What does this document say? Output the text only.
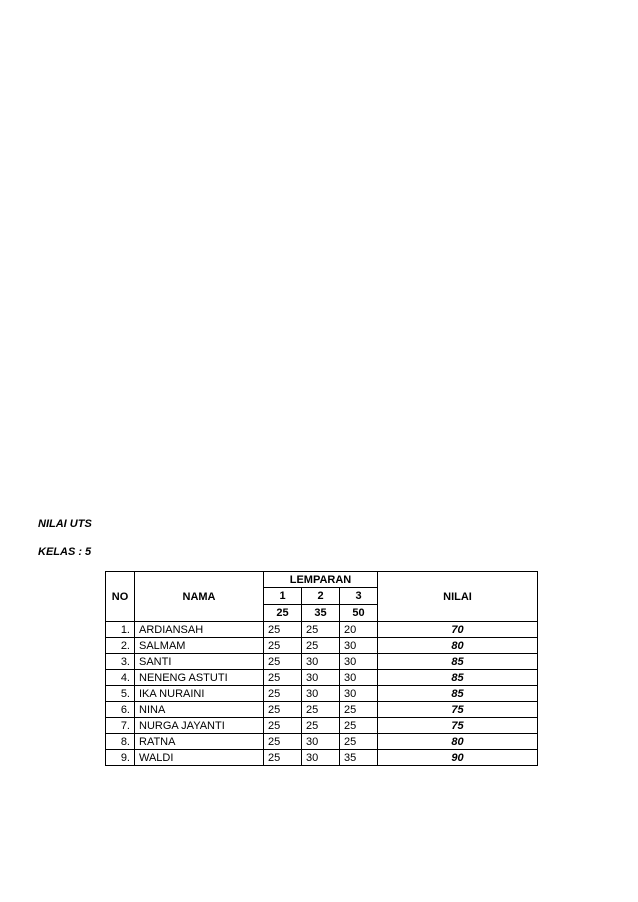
NILAI UTS

KELAS : 5

NO	NAMA	LEMPARAN			NILAI
		1	2	3	
		25	35	50	
1.	ARDIANSAH	25	25	20	70
2.	SALMAM	25	25	30	80
3.	SANTI	25	30	30	85
4.	NENENG ASTUTI	25	30	30	85
5.	IKA NURAINI	25	30	30	85
6.	NINA	25	25	25	75
7.	NURGA JAYANTI	25	25	25	75
8.	RATNA	25	30	25	80
9.	WALDI	25	30	35	90
